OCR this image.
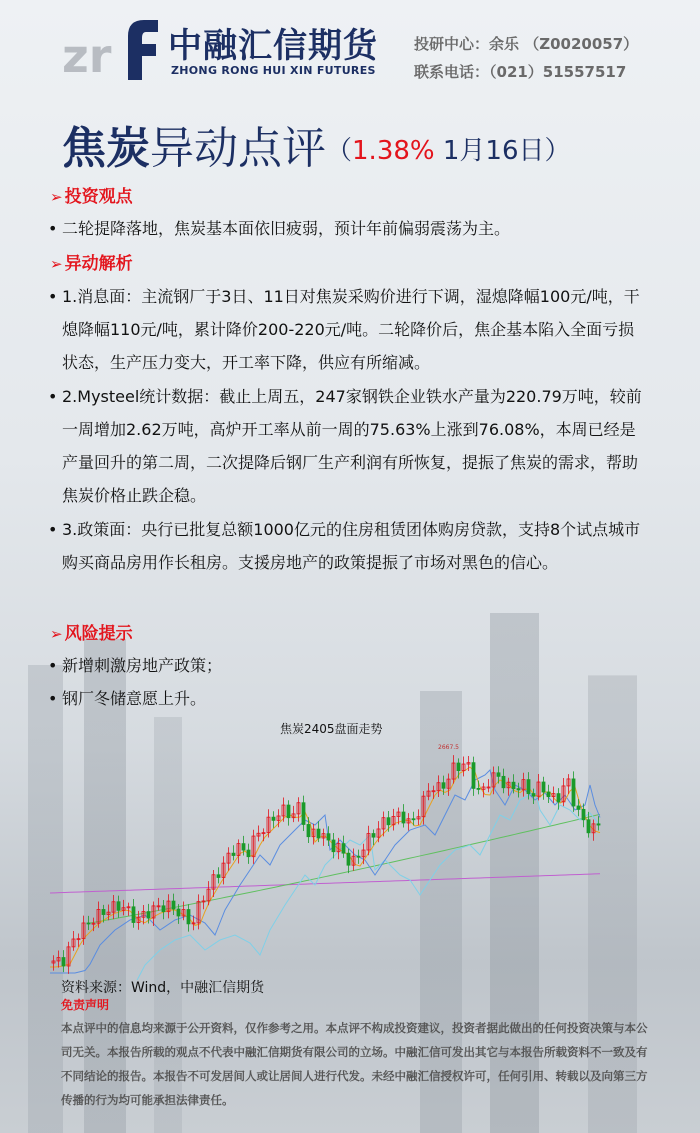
zr 中融汇信期货
ZHONG RONG HUI XIN FUTURES
投研中心：余乐 （Z0020057）
联系电话：（021）51557517
焦炭异动点评（1.38% 1月16日）
➢ 投资观点
• 二轮提降落地，焦炭基本面依旧疲弱，预计年前偏弱震荡为主。
➢ 异动解析
• 1.消息面：主流钢厂于3日、11日对焦炭采购价进行下调，湿熄降幅100元/吨，干熄降幅110元/吨，累计降价200-220元/吨。二轮降价后，焦企基本陷入全面亏损状态，生产压力变大，开工率下降，供应有所缩减。
• 2.Mysteel统计数据：截止上周五，247家钢铁企业铁水产量为220.79万吨，较前一周增加2.62万吨，高炉开工率从前一周的75.63%上涨到76.08%，本周已经是产量回升的第二周，二次提降后钢厂生产利润有所恢复，提振了焦炭的需求，帮助焦炭价格止跌企稳。
• 3.政策面：央行已批复总额1000亿元的住房租赁团体购房贷款，支持8个试点城市购买商品房用作长租房。支援房地产的政策提振了市场对黑色的信心。
➢ 风险提示
• 新增刺激房地产政策；
• 钢厂冬储意愿上升。
焦炭2405盘面走势
2667.5
资料来源：Wind，中融汇信期货
免责声明
本点评中的信息均来源于公开资料，仅作参考之用。本点评不构成投资建议，投资者据此做出的任何投资决策与本公司无关。本报告所载的观点不代表中融汇信期货有限公司的立场。中融汇信可发出其它与本报告所载资料不一致及有不同结论的报告。本报告不可发居间人或让居间人进行代发。未经中融汇信授权许可，任何引用、转载以及向第三方传播的行为均可能承担法律责任。
